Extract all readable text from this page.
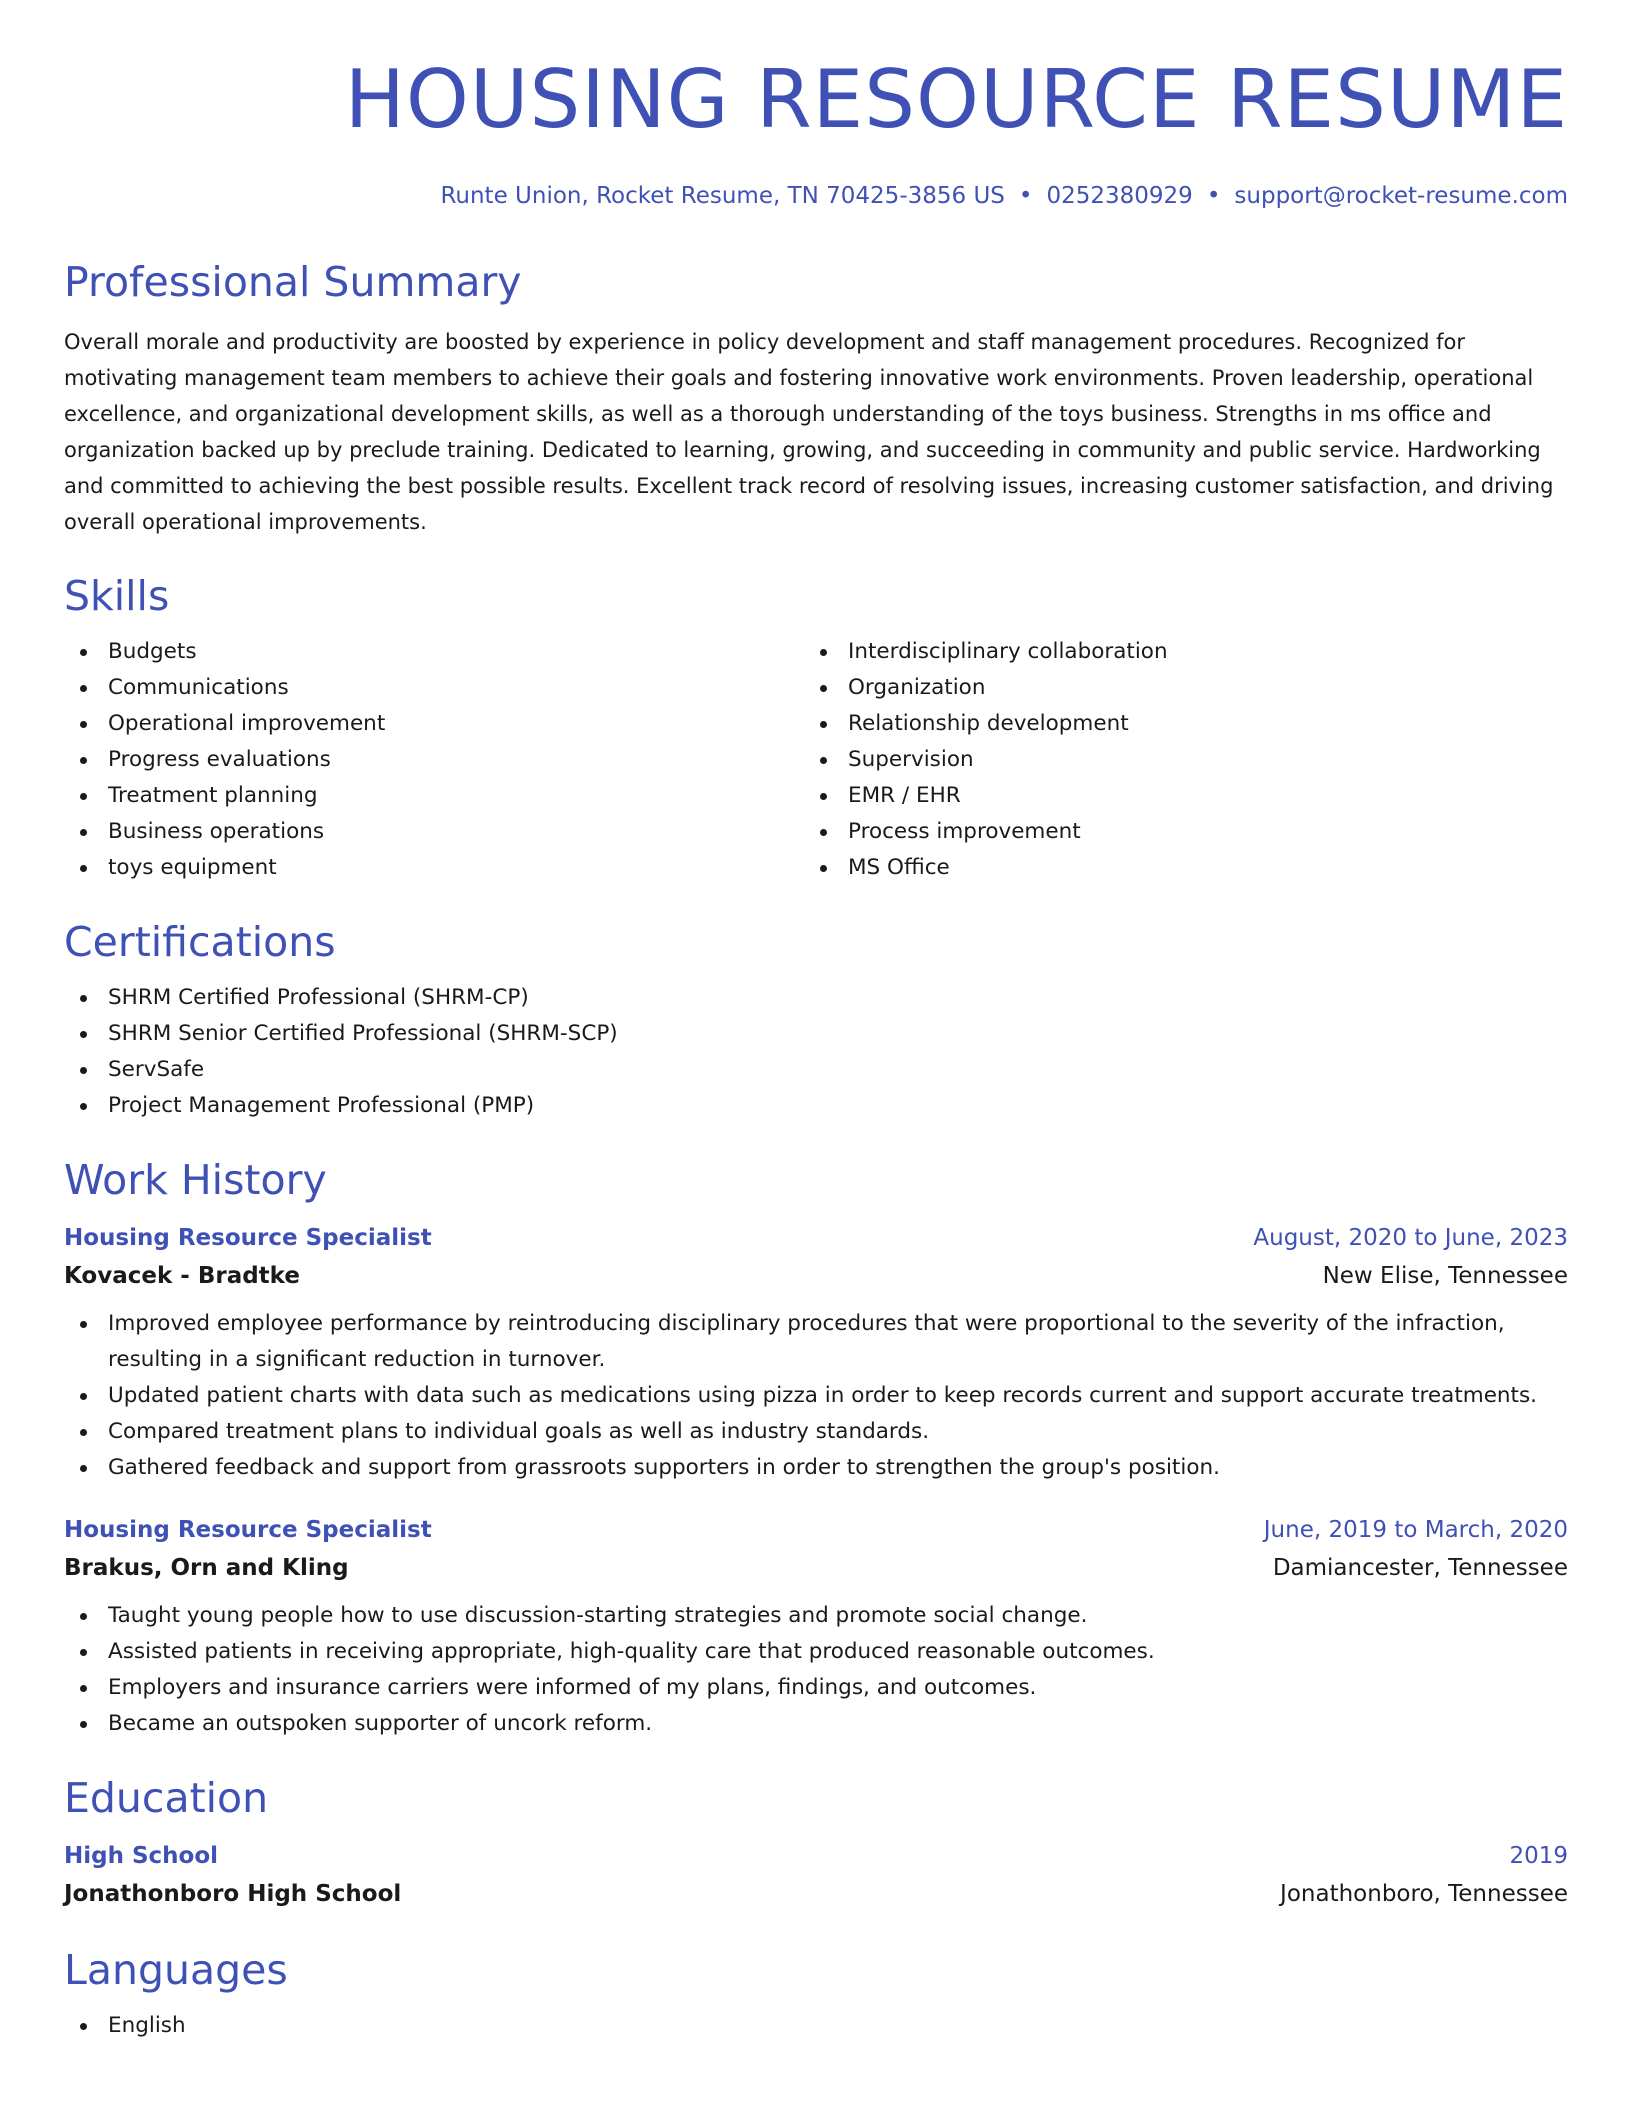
HOUSING RESOURCE RESUME
Runte Union, Rocket Resume, TN 70425-3856 US • 0252380929 • support@rocket-resume.com
Professional Summary
Overall morale and productivity are boosted by experience in policy development and staff management procedures. Recognized for motivating management team members to achieve their goals and fostering innovative work environments. Proven leadership, operational excellence, and organizational development skills, as well as a thorough understanding of the toys business. Strengths in ms office and organization backed up by preclude training. Dedicated to learning, growing, and succeeding in community and public service. Hardworking and committed to achieving the best possible results. Excellent track record of resolving issues, increasing customer satisfaction, and driving overall operational improvements.
Skills
Budgets
Communications
Operational improvement
Progress evaluations
Treatment planning
Business operations
toys equipment
Interdisciplinary collaboration
Organization
Relationship development
Supervision
EMR / EHR
Process improvement
MS Office
Certifications
SHRM Certified Professional (SHRM-CP)
SHRM Senior Certified Professional (SHRM-SCP)
ServSafe
Project Management Professional (PMP)
Work History
Housing Resource Specialist	August, 2020 to June, 2023
Kovacek - Bradtke	New Elise, Tennessee
Improved employee performance by reintroducing disciplinary procedures that were proportional to the severity of the infraction, resulting in a significant reduction in turnover.
Updated patient charts with data such as medications using pizza in order to keep records current and support accurate treatments.
Compared treatment plans to individual goals as well as industry standards.
Gathered feedback and support from grassroots supporters in order to strengthen the group's position.
Housing Resource Specialist	June, 2019 to March, 2020
Brakus, Orn and Kling	Damiancester, Tennessee
Taught young people how to use discussion-starting strategies and promote social change.
Assisted patients in receiving appropriate, high-quality care that produced reasonable outcomes.
Employers and insurance carriers were informed of my plans, findings, and outcomes.
Became an outspoken supporter of uncork reform.
Education
High School	2019
Jonathonboro High School	Jonathonboro, Tennessee
Languages
English
